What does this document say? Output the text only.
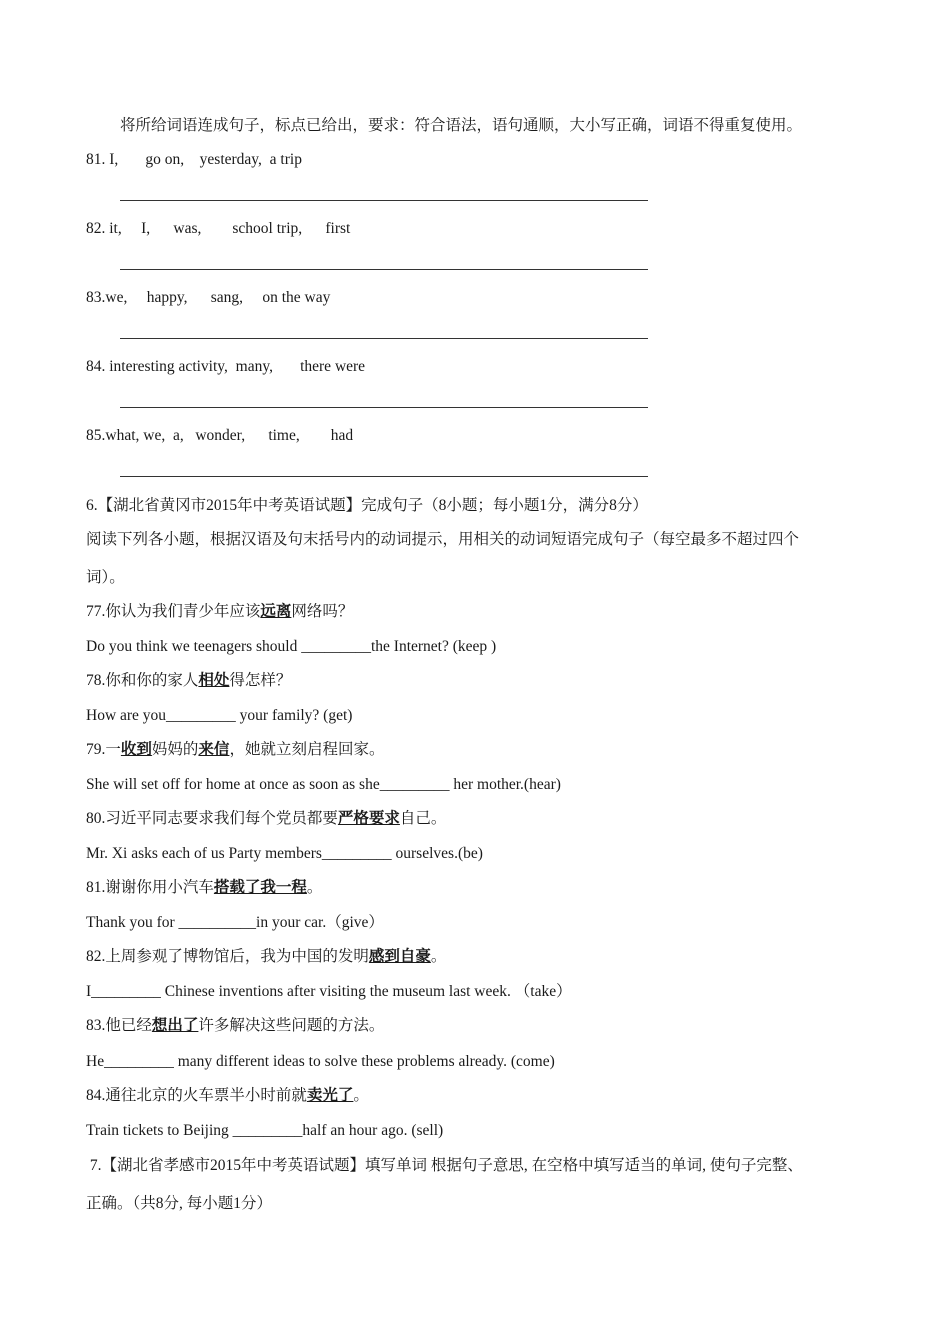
将所给词语连成句子，标点已给出，要求：符合语法，语句通顺，大小写正确，词语不得重复使用。
81. I,       go on,    yesterday,  a trip
82. it,     I,      was,        school trip,      first
83.we,     happy,      sang,     on the way
84. interesting activity,  many,       there were
85.what, we,  a,   wonder,      time,        had
6.【湖北省黄冈市2015年中考英语试题】完成句子（8小题；每小题1分，满分8分）
阅读下列各小题，根据汉语及句末括号内的动词提示，用相关的动词短语完成句子（每空最多不超过四个
词）。
77.你认为我们青少年应该远离网络吗？
Do you think we teenagers should _________the Internet? (keep )
78.你和你的家人相处得怎样？
How are you_________ your family? (get)
79.一收到妈妈的来信，她就立刻启程回家。
She will set off for home at once as soon as she_________ her mother.(hear)
80.习近平同志要求我们每个党员都要严格要求自己。
Mr. Xi asks each of us Party members_________ ourselves.(be)
81.谢谢你用小汽车搭载了我一程。
Thank you for __________in your car.（give）
82.上周参观了博物馆后，我为中国的发明感到自豪。
I_________ Chinese inventions after visiting the museum last week. （take）
83.他已经想出了许多解决这些问题的方法。
He_________ many different ideas to solve these problems already. (come)
84.通往北京的火车票半小时前就卖光了。
Train tickets to Beijing _________half an hour ago. (sell)
7.【湖北省孝感市2015年中考英语试题】填写单词 根据句子意思, 在空格中填写适当的单词, 使句子完整、
正确。（共8分, 每小题1分）
